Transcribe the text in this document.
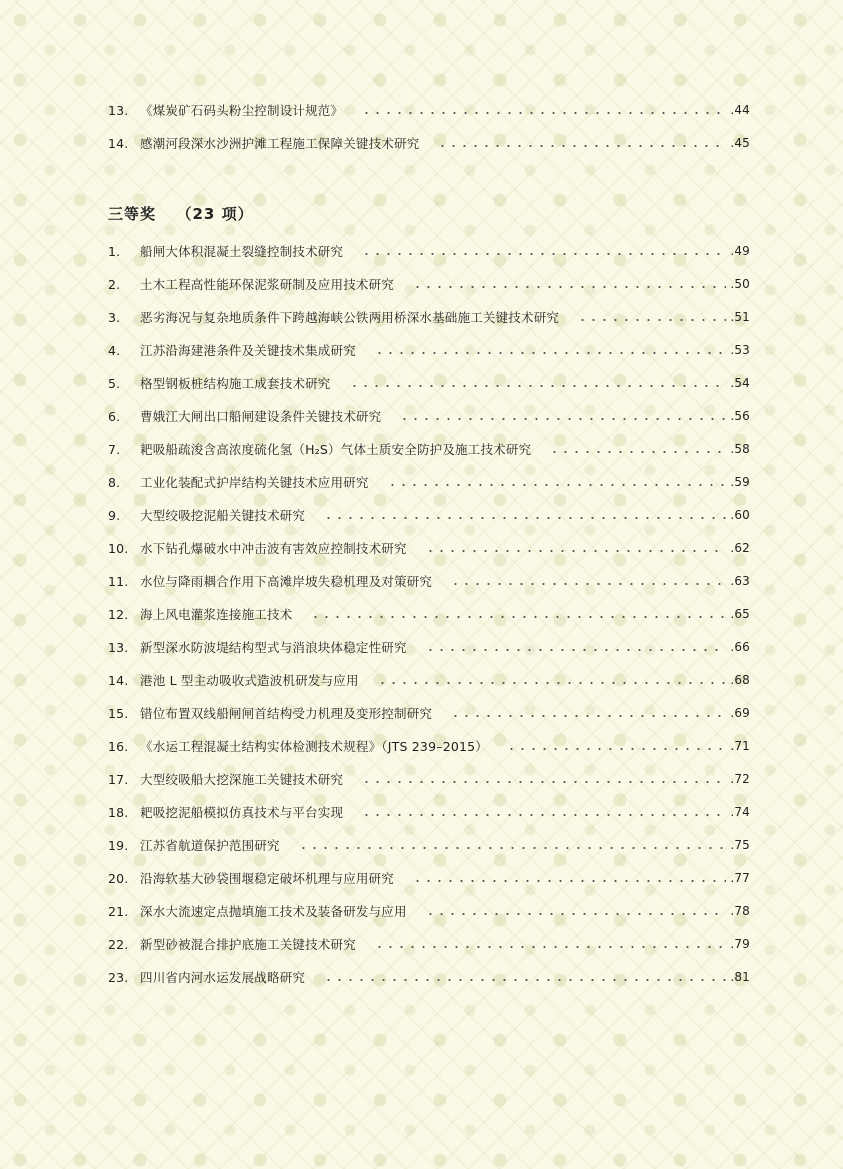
13. 《煤炭矿石码头粉尘控制设计规范》	.44
14. 感潮河段深水沙洲护滩工程施工保障关键技术研究	.45
三等奖 （23 项）
1.	船闸大体积混凝土裂缝控制技术研究	.49
2.	土木工程高性能环保泥浆研制及应用技术研究	.50
3.	恶劣海况与复杂地质条件下跨越海峡公铁两用桥深水基础施工关键技术研究	.51
4.	江苏沿海建港条件及关键技术集成研究	.53
5.	格型钢板桩结构施工成套技术研究	.54
6.	曹娥江大闸出口船闸建设条件关键技术研究	.56
7.	耙吸船疏浚含高浓度硫化氢（H₂S）气体土质安全防护及施工技术研究	.58
8.	工业化装配式护岸结构关键技术应用研究	.59
9.	大型绞吸挖泥船关键技术研究	.60
10. 水下钻孔爆破水中冲击波有害效应控制技术研究	.62
11. 水位与降雨耦合作用下高滩岸坡失稳机理及对策研究	.63
12. 海上风电灌浆连接施工技术	.65
13. 新型深水防波堤结构型式与消浪块体稳定性研究	.66
14. 港池 L 型主动吸收式造波机研发与应用	.68
15. 错位布置双线船闸闸首结构受力机理及变形控制研究	.69
16. 《水运工程混凝土结构实体检测技术规程》（JTS 239–2015）	.71
17. 大型绞吸船大挖深施工关键技术研究	.72
18. 耙吸挖泥船模拟仿真技术与平台实现	.74
19. 江苏省航道保护范围研究	.75
20. 沿海软基大砂袋围堰稳定破坏机理与应用研究	.77
21. 深水大流速定点抛填施工技术及装备研发与应用	.78
22. 新型砂被混合排护底施工关键技术研究	.79
23. 四川省内河水运发展战略研究	.81
